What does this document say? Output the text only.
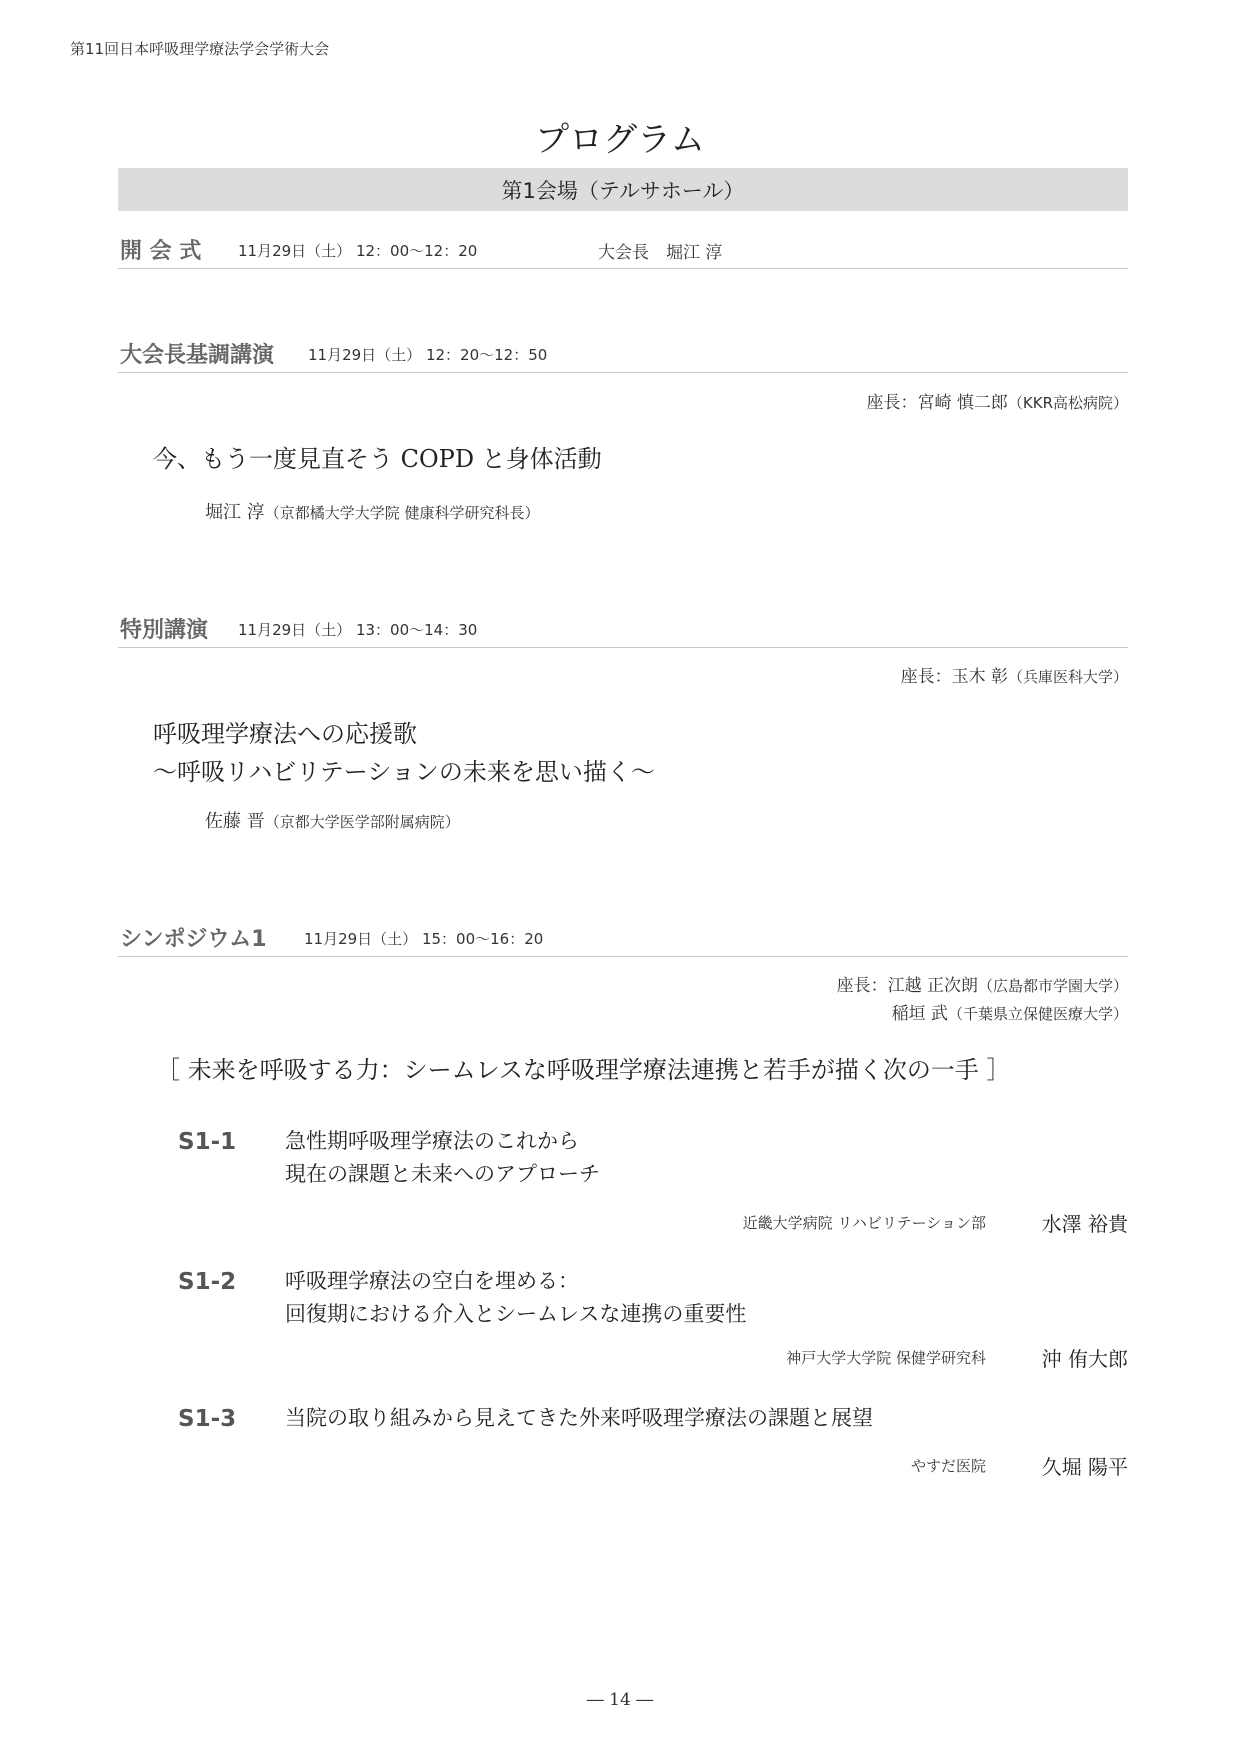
第11回日本呼吸理学療法学会学術大会
プログラム
第1会場（テルサホール）
開 会 式 11月29日（土） 12：00～12：20	大会長　堀江 淳
大会長基調講演 11月29日（土） 12：20～12：50
座長：宮崎 慎二郎（KKR高松病院）
今、もう一度見直そう COPD と身体活動
堀江 淳（京都橘大学大学院 健康科学研究科長）
特別講演 11月29日（土） 13：00～14：30
座長：玉木 彰（兵庫医科大学）
呼吸理学療法への応援歌
～呼吸リハビリテーションの未来を思い描く～
佐藤 晋（京都大学医学部附属病院）
シンポジウム1 11月29日（土） 15：00～16：20
座長：江越 正次朗（広島都市学園大学）
稲垣 武（千葉県立保健医療大学）
［ 未来を呼吸する力：シームレスな呼吸理学療法連携と若手が描く次の一手 ］
S1-1 急性期呼吸理学療法のこれから
現在の課題と未来へのアプローチ
近畿大学病院 リハビリテーション部	水澤 裕貴
S1-2 呼吸理学療法の空白を埋める：
回復期における介入とシームレスな連携の重要性
神戸大学大学院 保健学研究科	沖 侑大郎
S1-3 当院の取り組みから見えてきた外来呼吸理学療法の課題と展望
やすだ医院	久堀 陽平
― 14 ―
